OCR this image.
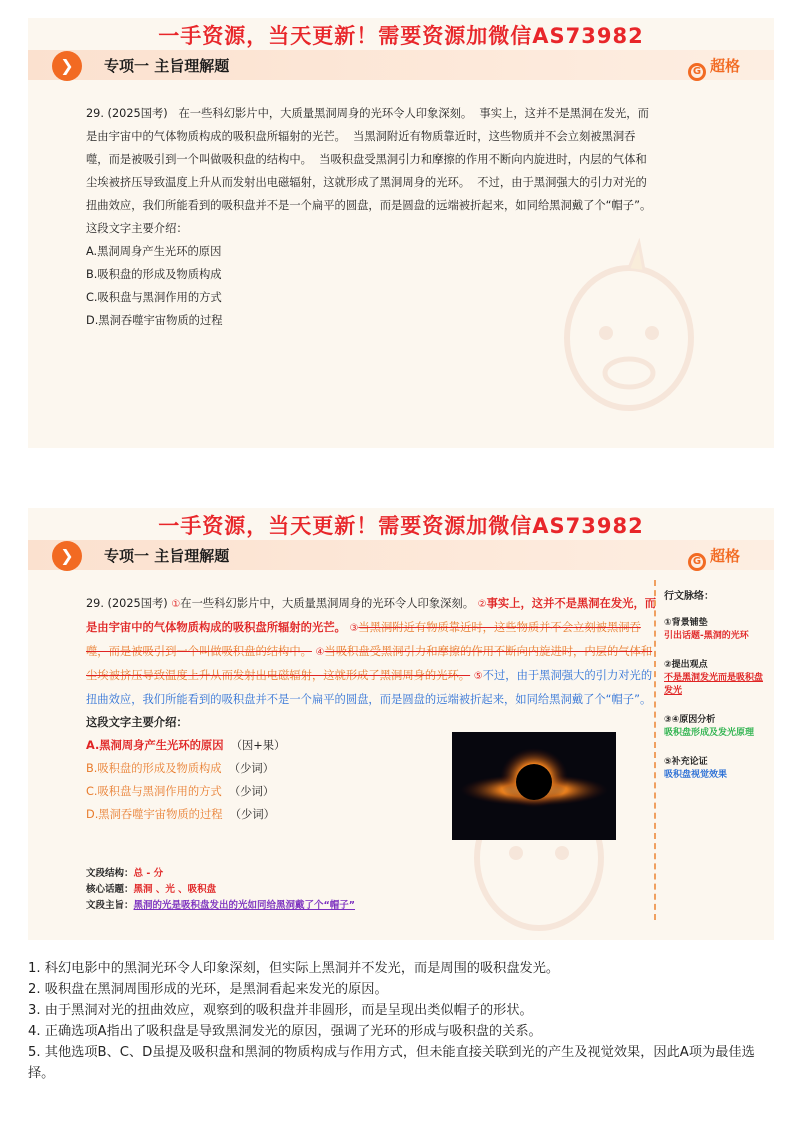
一手资源，当天更新！需要资源加微信AS73982
❯	专项一 主旨理解题	G 超格

29. (2025国考) 在一些科幻影片中，大质量黑洞周身的光环令人印象深刻。 事实上，这并不是黑洞在发光，而是由宇宙中的气体物质构成的吸积盘所辐射的光芒。 当黑洞附近有物质靠近时，这些物质并不会立刻被黑洞吞噬，而是被吸引到一个叫做吸积盘的结构中。 当吸积盘受黑洞引力和摩擦的作用不断向内旋进时，内层的气体和尘埃被挤压导致温度上升从而发射出电磁辐射，这就形成了黑洞周身的光环。 不过，由于黑洞强大的引力对光的扭曲效应，我们所能看到的吸积盘并不是一个扁平的圆盘，而是圆盘的远端被折起来，如同给黑洞戴了个“帽子”。

这段文字主要介绍：

A.黑洞周身产生光环的原因

B.吸积盘的形成及物质构成

C.吸积盘与黑洞作用的方式

D.黑洞吞噬宇宙物质的过程

一手资源，当天更新！需要资源加微信AS73982
❯	专项一 主旨理解题	G 超格

29. (2025国考) ①在一些科幻影片中，大质量黑洞周身的光环令人印象深刻。 ②事实上，这并不是黑洞在发光，而是由宇宙中的气体物质构成的吸积盘所辐射的光芒。 ③当黑洞附近有物质靠近时，这些物质并不会立刻被黑洞吞噬，而是被吸引到一个叫做吸积盘的结构中。 ④当吸积盘受黑洞引力和摩擦的作用不断向内旋进时，内层的气体和尘埃被挤压导致温度上升从而发射出电磁辐射，这就形成了黑洞周身的光环。 ⑤不过，由于黑洞强大的引力对光的扭曲效应，我们所能看到的吸积盘并不是一个扁平的圆盘，而是圆盘的远端被折起来，如同给黑洞戴了个“帽子”。

这段文字主要介绍：

A.黑洞周身产生光环的原因 （因+果）

B.吸积盘的形成及物质构成 （少词）

C.吸积盘与黑洞作用的方式 （少词）

D.黑洞吞噬宇宙物质的过程 （少词）

文段结构：总 - 分
核心话题：黑洞 、光 、吸积盘
文段主旨：黑洞的光是吸积盘发出的光如同给黑洞戴了个“帽子”
行文脉络：
①背景铺垫
引出话题-黑洞的光环
②提出观点
不是黑洞发光而是吸积盘发光
③④原因分析
吸积盘形成及发光原理
⑤补充论证
吸积盘视觉效果

1. 科幻电影中的黑洞光环令人印象深刻，但实际上黑洞并不发光，而是周围的吸积盘发光。

2. 吸积盘在黑洞周围形成的光环，是黑洞看起来发光的原因。

3. 由于黑洞对光的扭曲效应，观察到的吸积盘并非圆形，而是呈现出类似帽子的形状。

4. 正确选项A指出了吸积盘是导致黑洞发光的原因，强调了光环的形成与吸积盘的关系。

5. 其他选项B、C、D虽提及吸积盘和黑洞的物质构成与作用方式，但未能直接关联到光的产生及视觉效果，因此A项为最佳选择。
